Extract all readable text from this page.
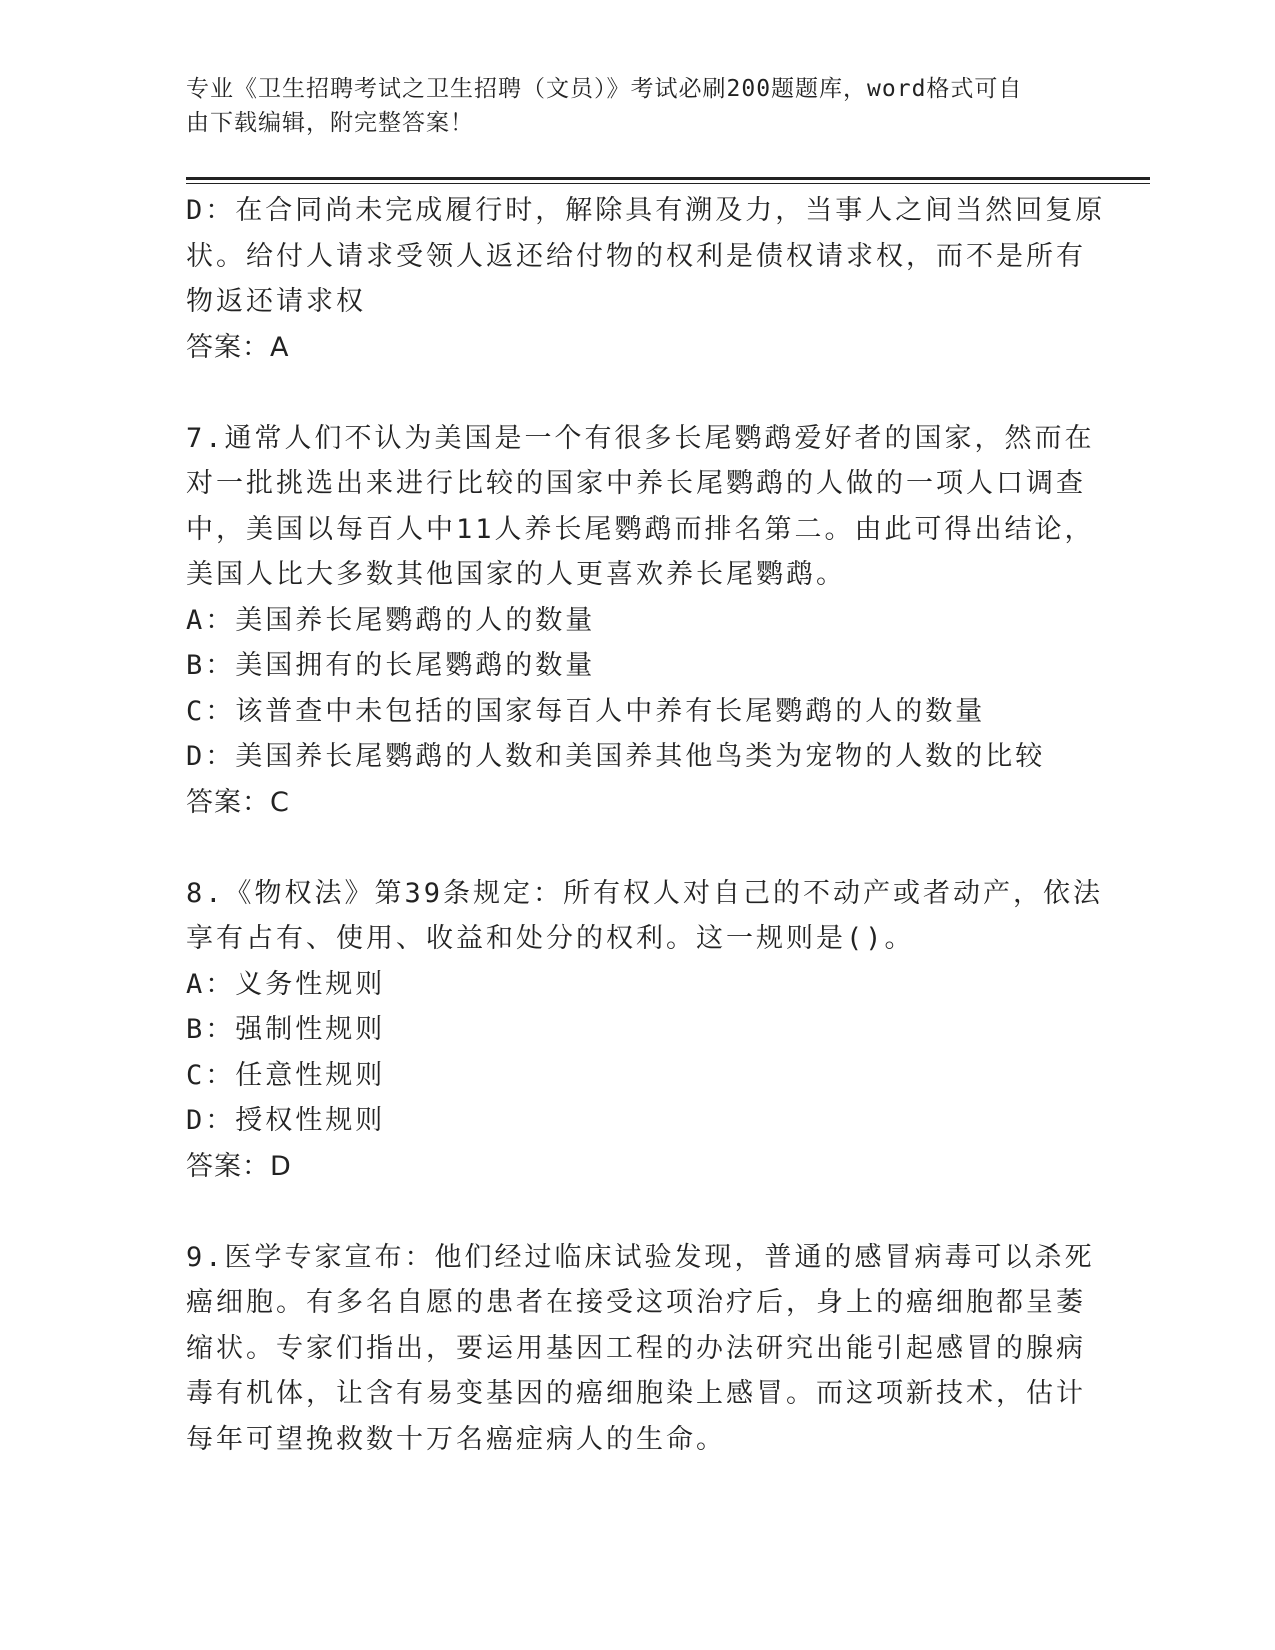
专业《卫生招聘考试之卫生招聘（文员）》考试必刷200题题库，word格式可自
由下载编辑，附完整答案！
D：在合同尚未完成履行时，解除具有溯及力，当事人之间当然回复原
状。给付人请求受领人返还给付物的权利是债权请求权，而不是所有
物返还请求权
答案：A
7.通常人们不认为美国是一个有很多长尾鹦鹉爱好者的国家，然而在
对一批挑选出来进行比较的国家中养长尾鹦鹉的人做的一项人口调查
中，美国以每百人中11人养长尾鹦鹉而排名第二。由此可得出结论，
美国人比大多数其他国家的人更喜欢养长尾鹦鹉。
A：美国养长尾鹦鹉的人的数量
B：美国拥有的长尾鹦鹉的数量
C：该普查中未包括的国家每百人中养有长尾鹦鹉的人的数量
D：美国养长尾鹦鹉的人数和美国养其他鸟类为宠物的人数的比较
答案：C
8.《物权法》第39条规定：所有权人对自己的不动产或者动产，依法
享有占有、使用、收益和处分的权利。这一规则是()。
A：义务性规则
B：强制性规则
C：任意性规则
D：授权性规则
答案：D
9.医学专家宣布：他们经过临床试验发现，普通的感冒病毒可以杀死
癌细胞。有多名自愿的患者在接受这项治疗后，身上的癌细胞都呈萎
缩状。专家们指出，要运用基因工程的办法研究出能引起感冒的腺病
毒有机体，让含有易变基因的癌细胞染上感冒。而这项新技术，估计
每年可望挽救数十万名癌症病人的生命。
